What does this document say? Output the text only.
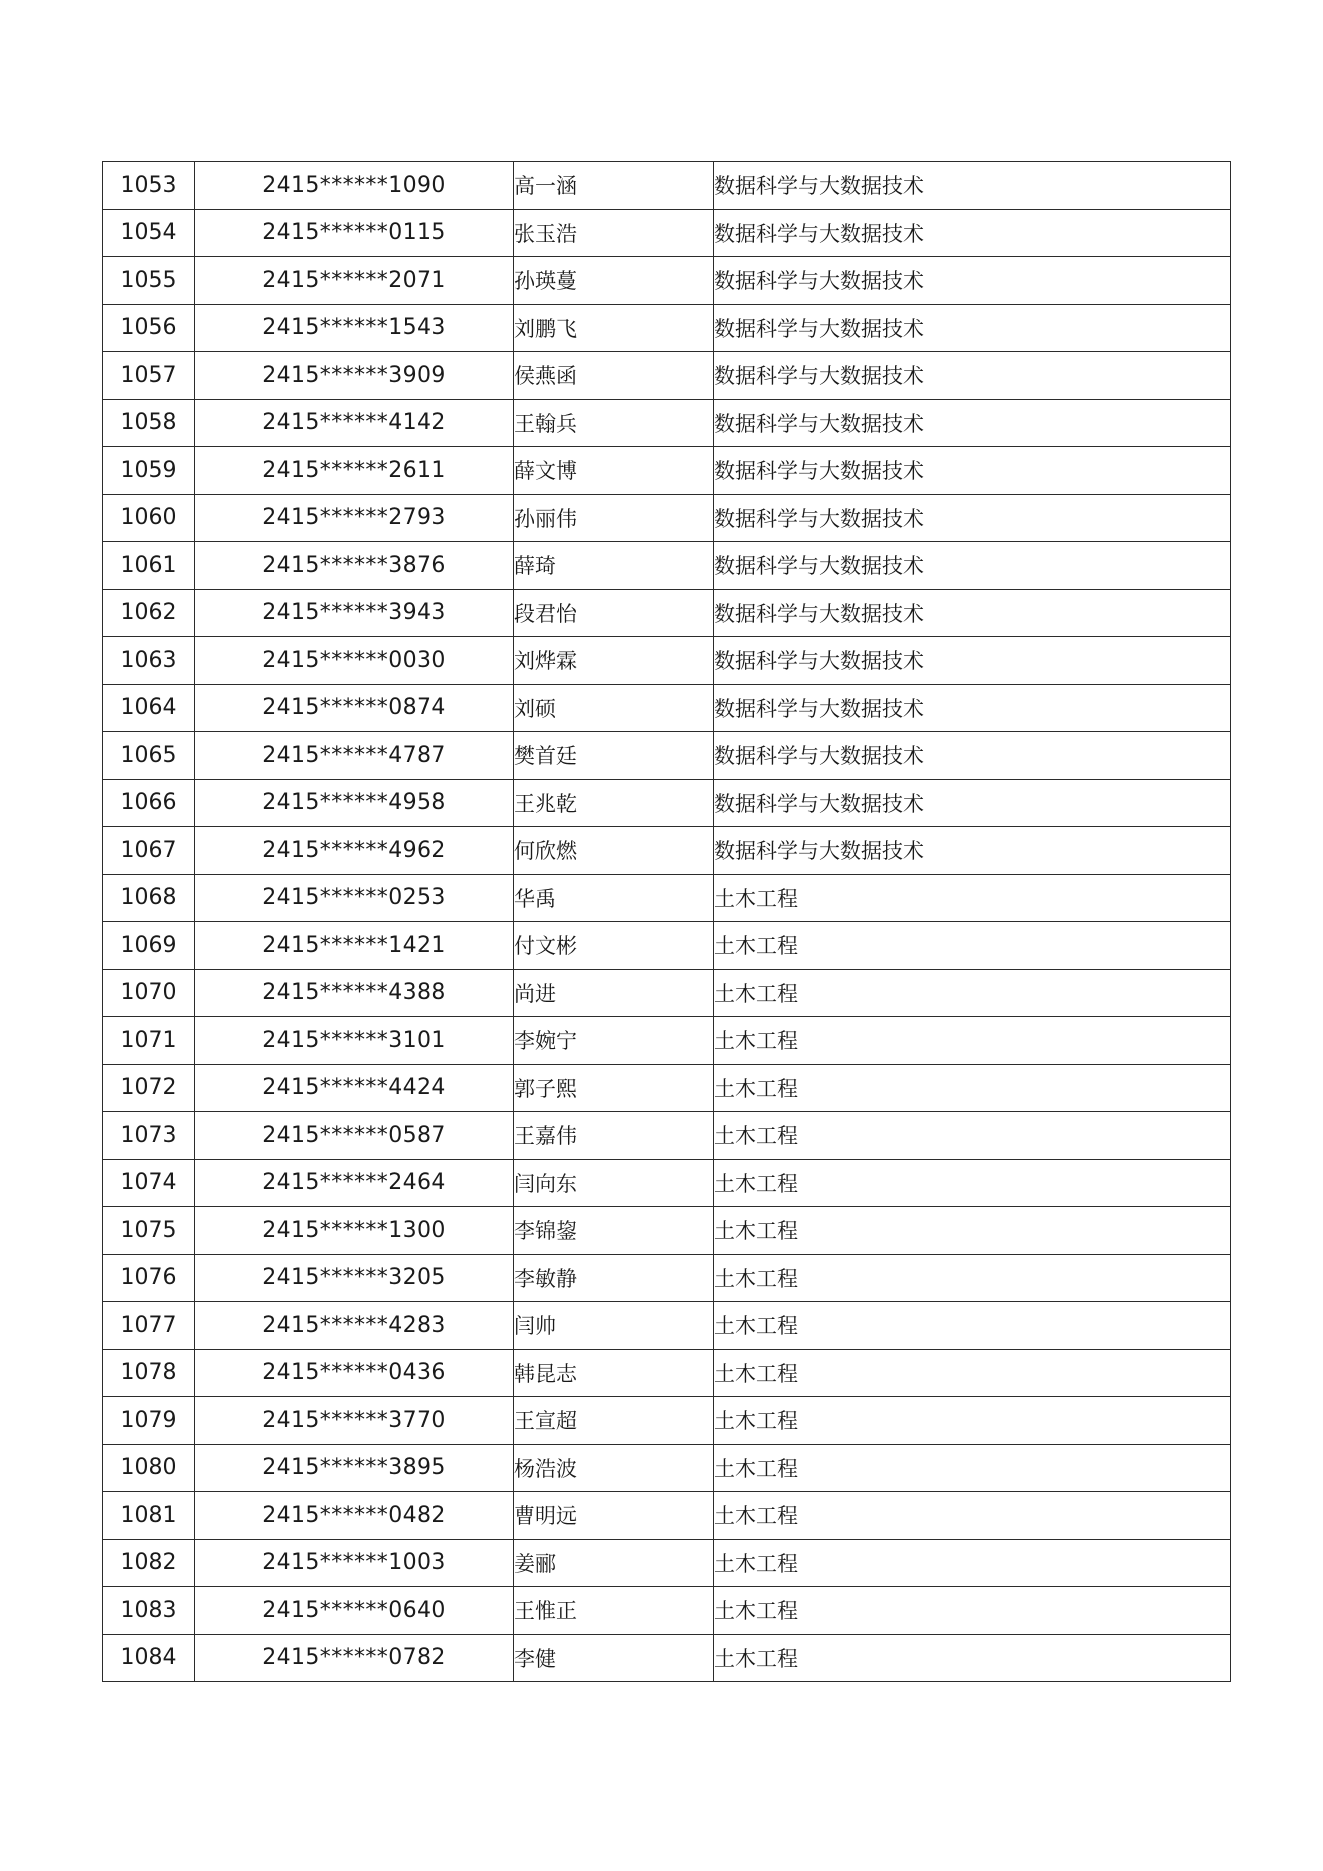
1053	2415******1090	高一涵	数据科学与大数据技术
1054	2415******0115	张玉浩	数据科学与大数据技术
1055	2415******2071	孙瑛蔓	数据科学与大数据技术
1056	2415******1543	刘鹏飞	数据科学与大数据技术
1057	2415******3909	侯燕函	数据科学与大数据技术
1058	2415******4142	王翰兵	数据科学与大数据技术
1059	2415******2611	薛文博	数据科学与大数据技术
1060	2415******2793	孙丽伟	数据科学与大数据技术
1061	2415******3876	薛琦	数据科学与大数据技术
1062	2415******3943	段君怡	数据科学与大数据技术
1063	2415******0030	刘烨霖	数据科学与大数据技术
1064	2415******0874	刘硕	数据科学与大数据技术
1065	2415******4787	樊首廷	数据科学与大数据技术
1066	2415******4958	王兆乾	数据科学与大数据技术
1067	2415******4962	何欣燃	数据科学与大数据技术
1068	2415******0253	华禹	土木工程
1069	2415******1421	付文彬	土木工程
1070	2415******4388	尚进	土木工程
1071	2415******3101	李婉宁	土木工程
1072	2415******4424	郭子熙	土木工程
1073	2415******0587	王嘉伟	土木工程
1074	2415******2464	闫向东	土木工程
1075	2415******1300	李锦鋆	土木工程
1076	2415******3205	李敏静	土木工程
1077	2415******4283	闫帅	土木工程
1078	2415******0436	韩昆志	土木工程
1079	2415******3770	王宣超	土木工程
1080	2415******3895	杨浩波	土木工程
1081	2415******0482	曹明远	土木工程
1082	2415******1003	姜郦	土木工程
1083	2415******0640	王惟正	土木工程
1084	2415******0782	李健	土木工程
